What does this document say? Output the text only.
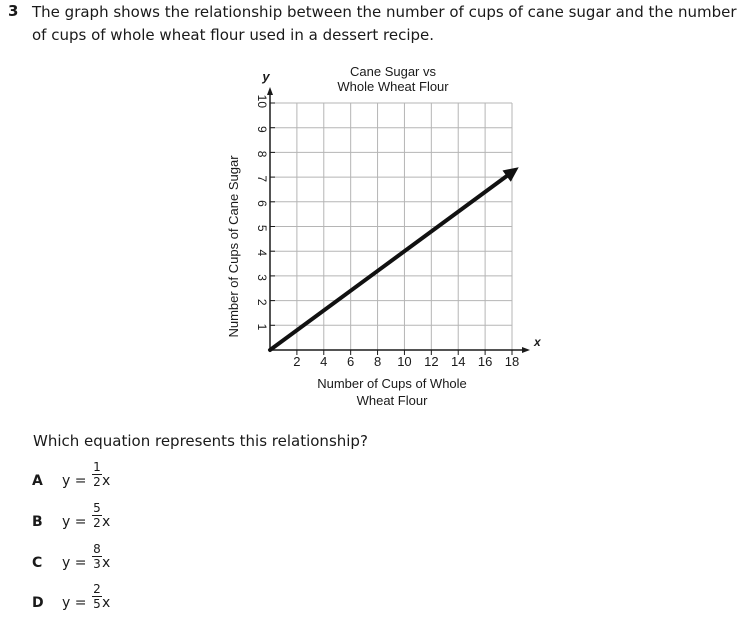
3 The graph shows the relationship between the number of cups of cane sugar and the number of cups of whole wheat flour used in a dessert recipe.
2 4 6 8 10 12 14 16 18
1
2
3
4
5
6
7
8
9
10
x
y	Cane Sugar vs
Whole Wheat Flour
Number of Cups of Whole
Wheat Flour
Number of Cups of Cane Sugar
Which equation represents this relationship?
A y =
1
2 x
B y =
5
2 x
C y =
8
3 x
D y =
2
5 x
